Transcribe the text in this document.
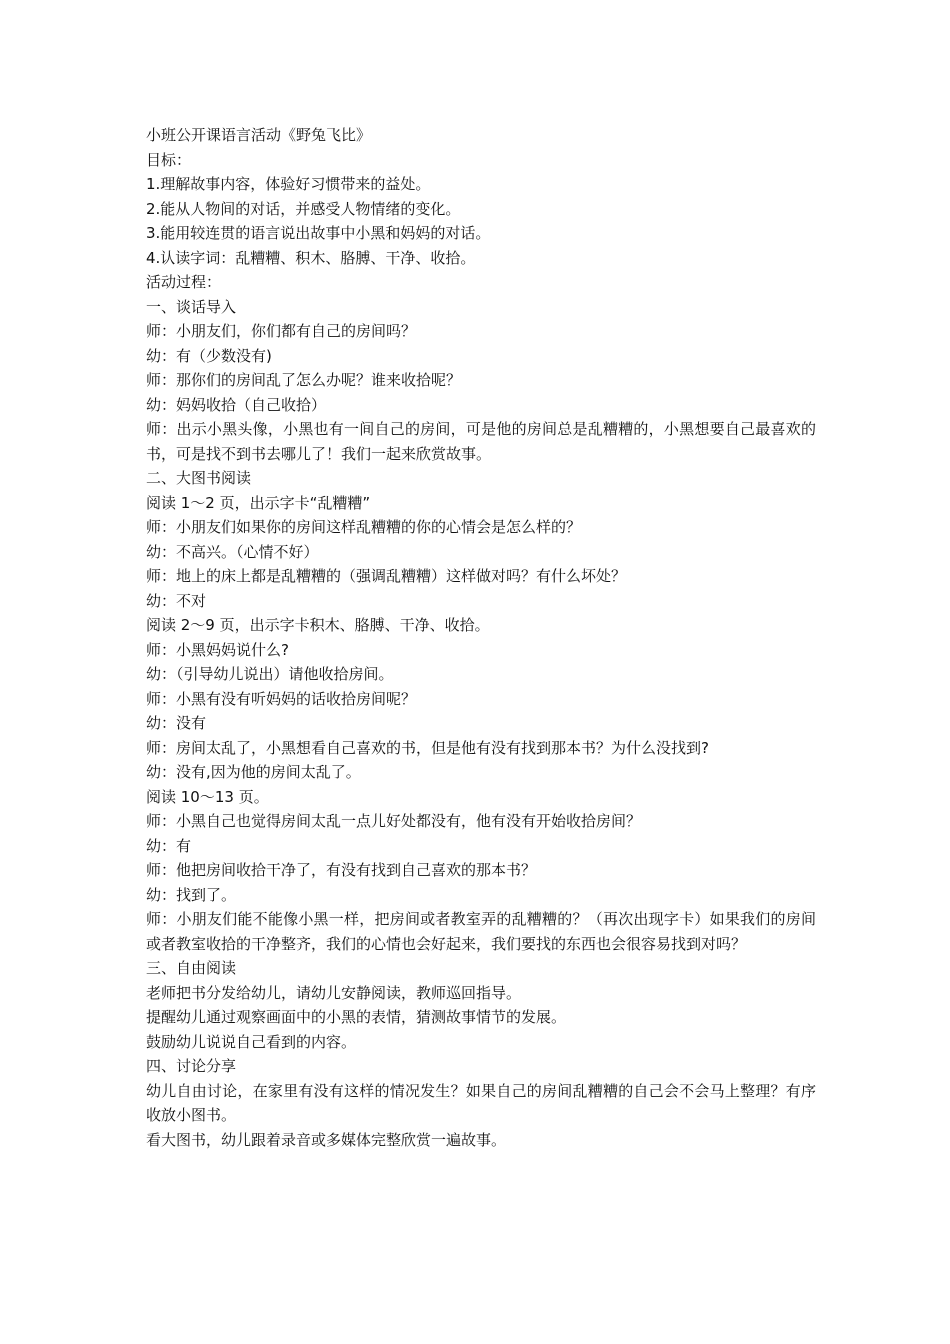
小班公开课语言活动《野兔飞比》

目标：

1.理解故事内容，体验好习惯带来的益处。

2.能从人物间的对话，并感受人物情绪的变化。

3.能用较连贯的语言说出故事中小黑和妈妈的对话。

4.认读字词：乱糟糟、积木、胳膊、干净、收拾。

活动过程：

一、谈话导入

师：小朋友们，你们都有自己的房间吗？

幼：有（少数没有)

师：那你们的房间乱了怎么办呢？谁来收拾呢？

幼：妈妈收拾（自己收拾）

师：出示小黑头像，小黑也有一间自己的房间，可是他的房间总是乱糟糟的，小黑想要自己最喜欢的书，可是找不到书去哪儿了！我们一起来欣赏故事。

二、大图书阅读

阅读 1～2 页，出示字卡“乱糟糟”

师：小朋友们如果你的房间这样乱糟糟的你的心情会是怎么样的？

幼：不高兴。（心情不好）

师：地上的床上都是乱糟糟的（强调乱糟糟）这样做对吗？有什么坏处？

幼：不对

阅读 2～9 页，出示字卡积木、胳膊、干净、收拾。

师：小黑妈妈说什么?

幼：（引导幼儿说出）请他收拾房间。

师：小黑有没有听妈妈的话收拾房间呢？

幼：没有

师：房间太乱了，小黑想看自己喜欢的书，但是他有没有找到那本书？为什么没找到?

幼：没有,因为他的房间太乱了。

阅读 10～13 页。

师：小黑自己也觉得房间太乱一点儿好处都没有，他有没有开始收拾房间？

幼：有

师：他把房间收拾干净了，有没有找到自己喜欢的那本书？

幼：找到了。

师：小朋友们能不能像小黑一样，把房间或者教室弄的乱糟糟的？（再次出现字卡）如果我们的房间或者教室收拾的干净整齐，我们的心情也会好起来，我们要找的东西也会很容易找到对吗？

三、自由阅读

老师把书分发给幼儿，请幼儿安静阅读，教师巡回指导。

提醒幼儿通过观察画面中的小黑的表情，猜测故事情节的发展。

鼓励幼儿说说自己看到的内容。

四、讨论分享

幼儿自由讨论，在家里有没有这样的情况发生？如果自己的房间乱糟糟的自己会不会马上整理？有序收放小图书。

看大图书，幼儿跟着录音或多媒体完整欣赏一遍故事。
